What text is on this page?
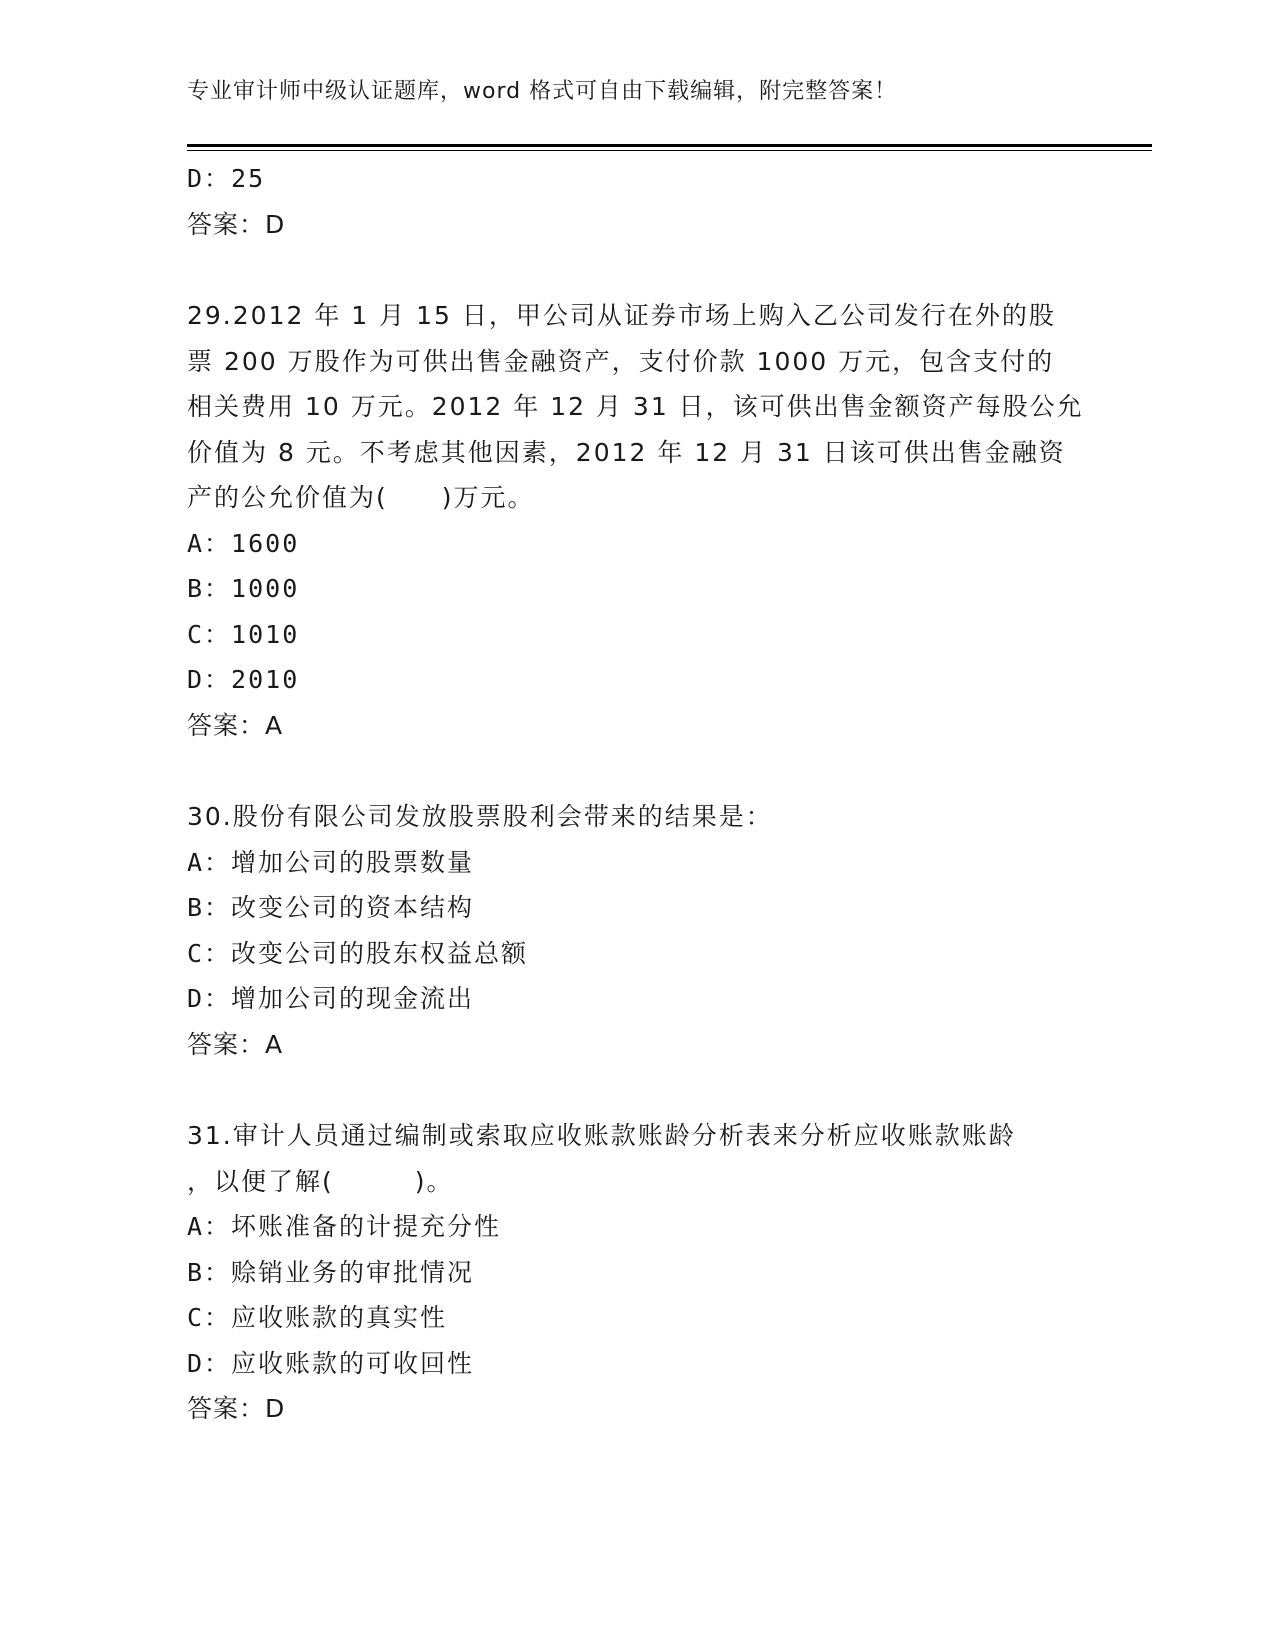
专业审计师中级认证题库，word 格式可自由下载编辑，附完整答案！
D：25
答案：D
29.2012 年 1 月 15 日，甲公司从证券市场上购入乙公司发行在外的股
票 200 万股作为可供出售金融资产，支付价款 1000 万元，包含支付的
相关费用 10 万元。2012 年 12 月 31 日，该可供出售金额资产每股公允
价值为 8 元。不考虑其他因素，2012 年 12 月 31 日该可供出售金融资
产的公允价值为(　　)万元。
A：1600
B：1000
C：1010
D：2010
答案：A
30.股份有限公司发放股票股利会带来的结果是：
A：增加公司的股票数量
B：改变公司的资本结构
C：改变公司的股东权益总额
D：增加公司的现金流出
答案：A
31.审计人员通过编制或索取应收账款账龄分析表来分析应收账款账龄
，以便了解(　　　)。
A：坏账准备的计提充分性
B：赊销业务的审批情况
C：应收账款的真实性
D：应收账款的可收回性
答案：D
